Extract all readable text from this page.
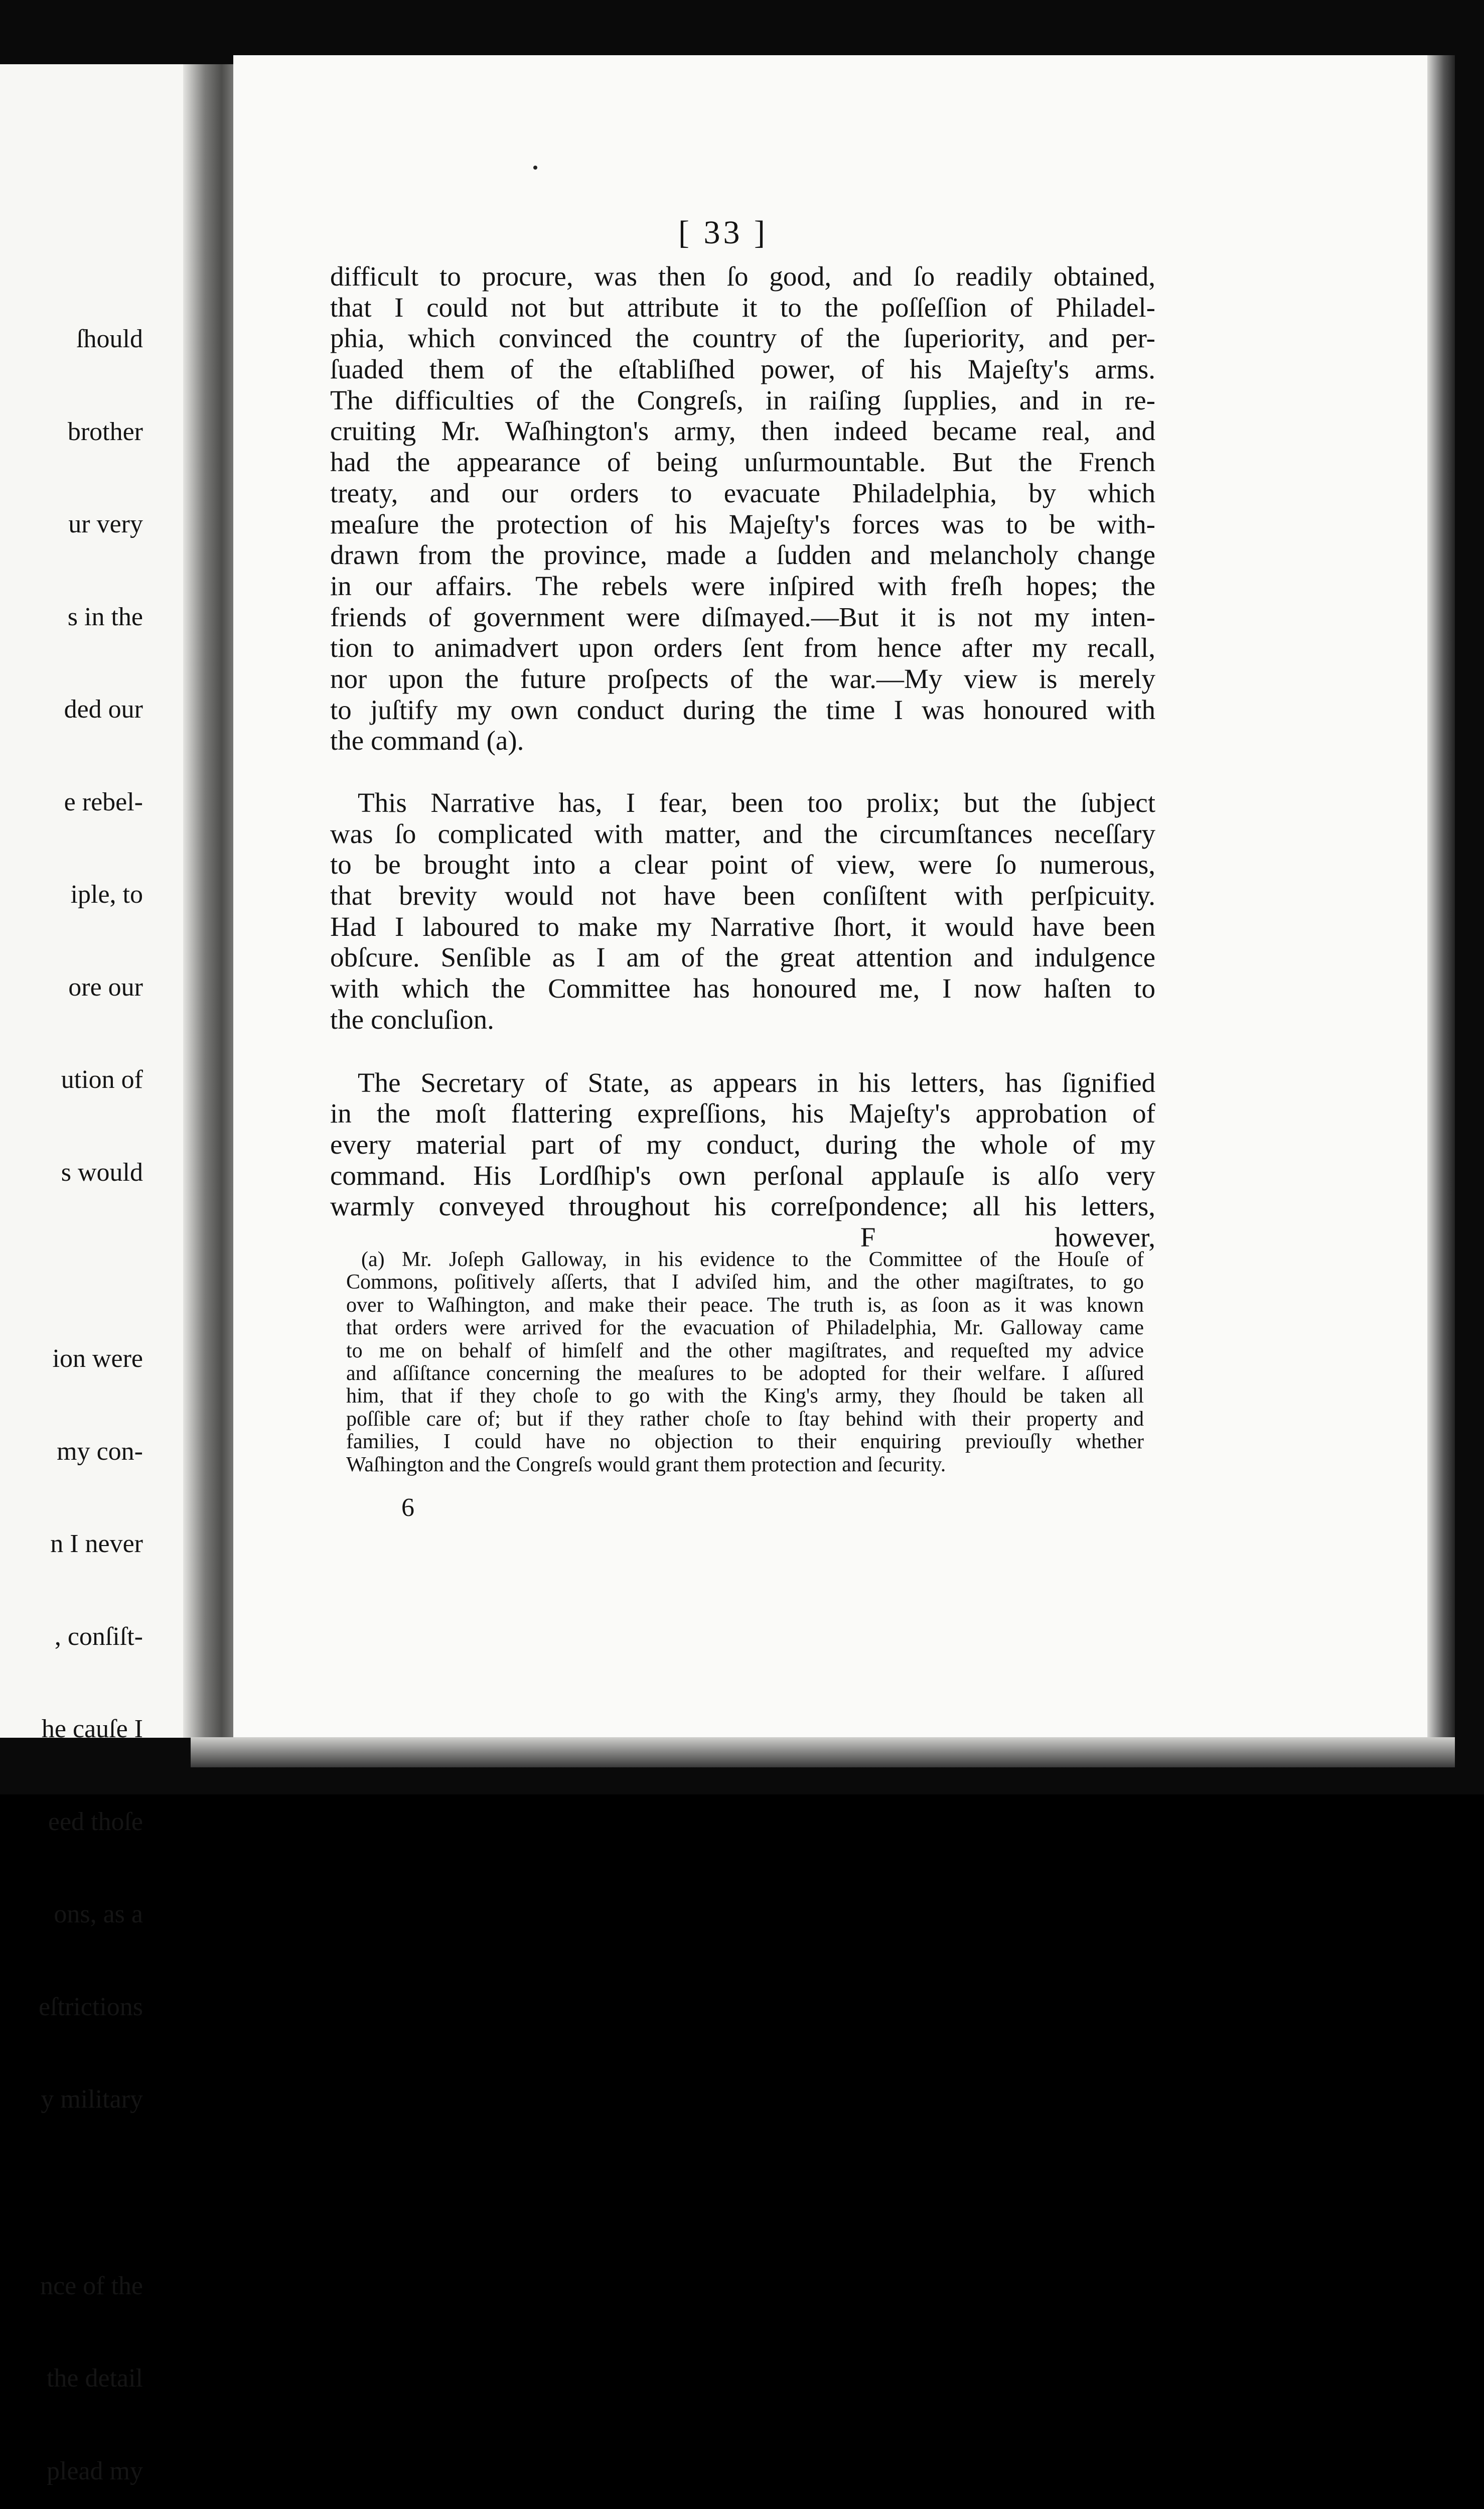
ſhould

brother

ur very

s in the

ded our

e rebel-

iple, to

ore our

ution of

s would

ion were

my con-

n I never

, conſiſt-

he cauſe I

eed thoſe

ons, as a

eſtrictions

y military

nce of the

the detail

plead my

[ 33 ]
difficult to procure, was then ſo good, and ſo readily obtained,
that I could not but attribute it to the poſſeſſion of Philadel-
phia, which convinced the country of the ſuperiority, and per-
ſuaded them of the eſtabliſhed power, of his Majeſty's arms.
The difficulties of the Congreſs, in raiſing ſupplies, and in re-
cruiting Mr. Waſhington's army, then indeed became real, and
had the appearance of being unſurmountable. But the French
treaty, and our orders to evacuate Philadelphia, by which
meaſure the protection of his Majeſty's forces was to be with-
drawn from the province, made a ſudden and melancholy change
in our affairs. The rebels were inſpired with freſh hopes; the
friends of government were diſmayed.—But it is not my inten-
tion to animadvert upon orders ſent from hence after my recall,
nor upon the future proſpects of the war.—My view is merely
to juſtify my own conduct during the time I was honoured with
the command (a).
This Narrative has, I fear, been too prolix; but the ſubject
was ſo complicated with matter, and the circumſtances neceſſary
to be brought into a clear point of view, were ſo numerous,
that brevity would not have been conſiſtent with perſpicuity.
Had I laboured to make my Narrative ſhort, it would have been
obſcure. Senſible as I am of the great attention and indulgence
with which the Committee has honoured me, I now haſten to
the concluſion.
The Secretary of State, as appears in his letters, has ſignified
in the moſt flattering expreſſions, his Majeſty's approbation of
every material part of my conduct, during the whole of my
command. His Lordſhip's own perſonal applauſe is alſo very
warmly conveyed throughout his correſpondence; all his letters,
F	however,
(a) Mr. Joſeph Galloway, in his evidence to the Committee of the Houſe of
Commons, poſitively aſſerts, that I adviſed him, and the other magiſtrates, to go
over to Waſhington, and make their peace. The truth is, as ſoon as it was known
that orders were arrived for the evacuation of Philadelphia, Mr. Galloway came
to me on behalf of himſelf and the other magiſtrates, and requeſted my advice
and aſſiſtance concerning the meaſures to be adopted for their welfare. I aſſured
him, that if they choſe to go with the King's army, they ſhould be taken all
poſſible care of; but if they rather choſe to ſtay behind with their property and
families, I could have no objection to their enquiring previouſly whether
Waſhington and the Congreſs would grant them protection and ſecurity.
6
